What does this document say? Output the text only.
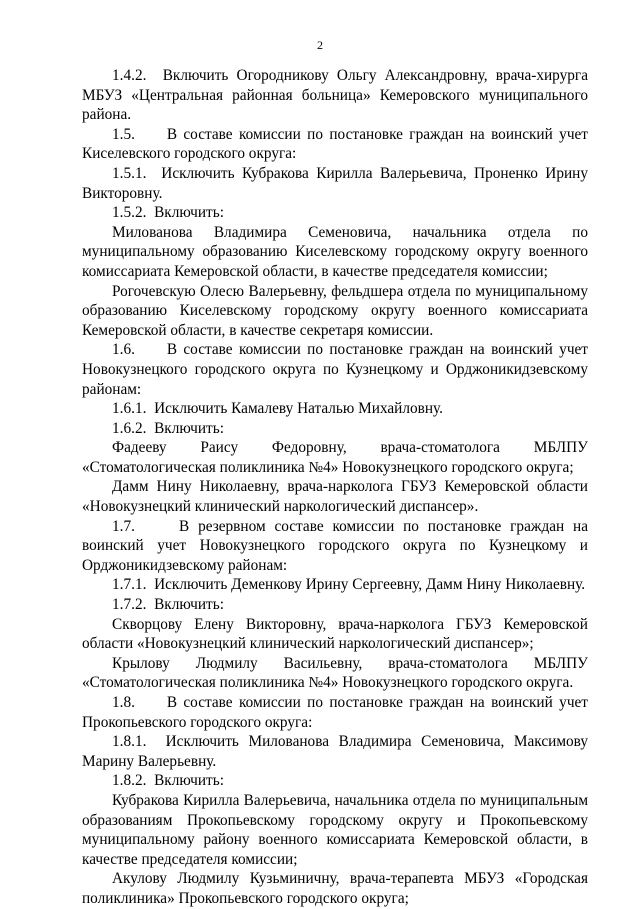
2

1.4.2.  Включить Огородникову Ольгу Александровну, врача-хирурга МБУЗ «Центральная районная больница» Кемеровского муниципального района.

1.5.     В составе комиссии по постановке граждан на воинский учет Киселевского городского округа:

1.5.1.  Исключить Кубракова Кирилла Валерьевича, Проненко Ирину Викторовну.

1.5.2.  Включить:

Милованова Владимира Семеновича, начальника отдела по муниципальному образованию Киселевскому городскому округу военного комиссариата Кемеровской области, в качестве председателя комиссии;

Рогочевскую Олесю Валерьевну, фельдшера отдела по муниципальному образованию Киселевскому городскому округу военного комиссариата Кемеровской области, в качестве секретаря комиссии.

1.6.     В составе комиссии по постановке граждан на воинский учет Новокузнецкого городского округа по Кузнецкому и Орджоникидзевскому районам:

1.6.1.  Исключить Камалеву Наталью Михайловну.

1.6.2.  Включить:

Фадееву Раису Федоровну, врача-стоматолога МБЛПУ «Стоматологическая поликлиника №4» Новокузнецкого городского округа;

Дамм Нину Николаевну, врача-нарколога ГБУЗ Кемеровской области «Новокузнецкий клинический наркологический диспансер».

1.7.     В резервном составе комиссии по постановке граждан на воинский учет Новокузнецкого городского округа по Кузнецкому и Орджоникидзевскому районам:

1.7.1.  Исключить Деменкову Ирину Сергеевну, Дамм Нину Николаевну.

1.7.2.  Включить:

Скворцову Елену Викторовну, врача-нарколога ГБУЗ Кемеровской области «Новокузнецкий клинический наркологический диспансер»;

Крылову Людмилу Васильевну, врача-стоматолога МБЛПУ «Стоматологическая поликлиника №4» Новокузнецкого городского округа.

1.8.     В составе комиссии по постановке граждан на воинский учет Прокопьевского городского округа:

1.8.1.  Исключить Милованова Владимира Семеновича, Максимову Марину Валерьевну.

1.8.2.  Включить:

Кубракова Кирилла Валерьевича, начальника отдела по муниципальным образованиям Прокопьевскому городскому округу и Прокопьевскому муниципальному району военного комиссариата Кемеровской области, в качестве председателя комиссии;

Акулову Людмилу Кузьминичну, врача-терапевта МБУЗ «Городская поликлиника» Прокопьевского городского округа;
